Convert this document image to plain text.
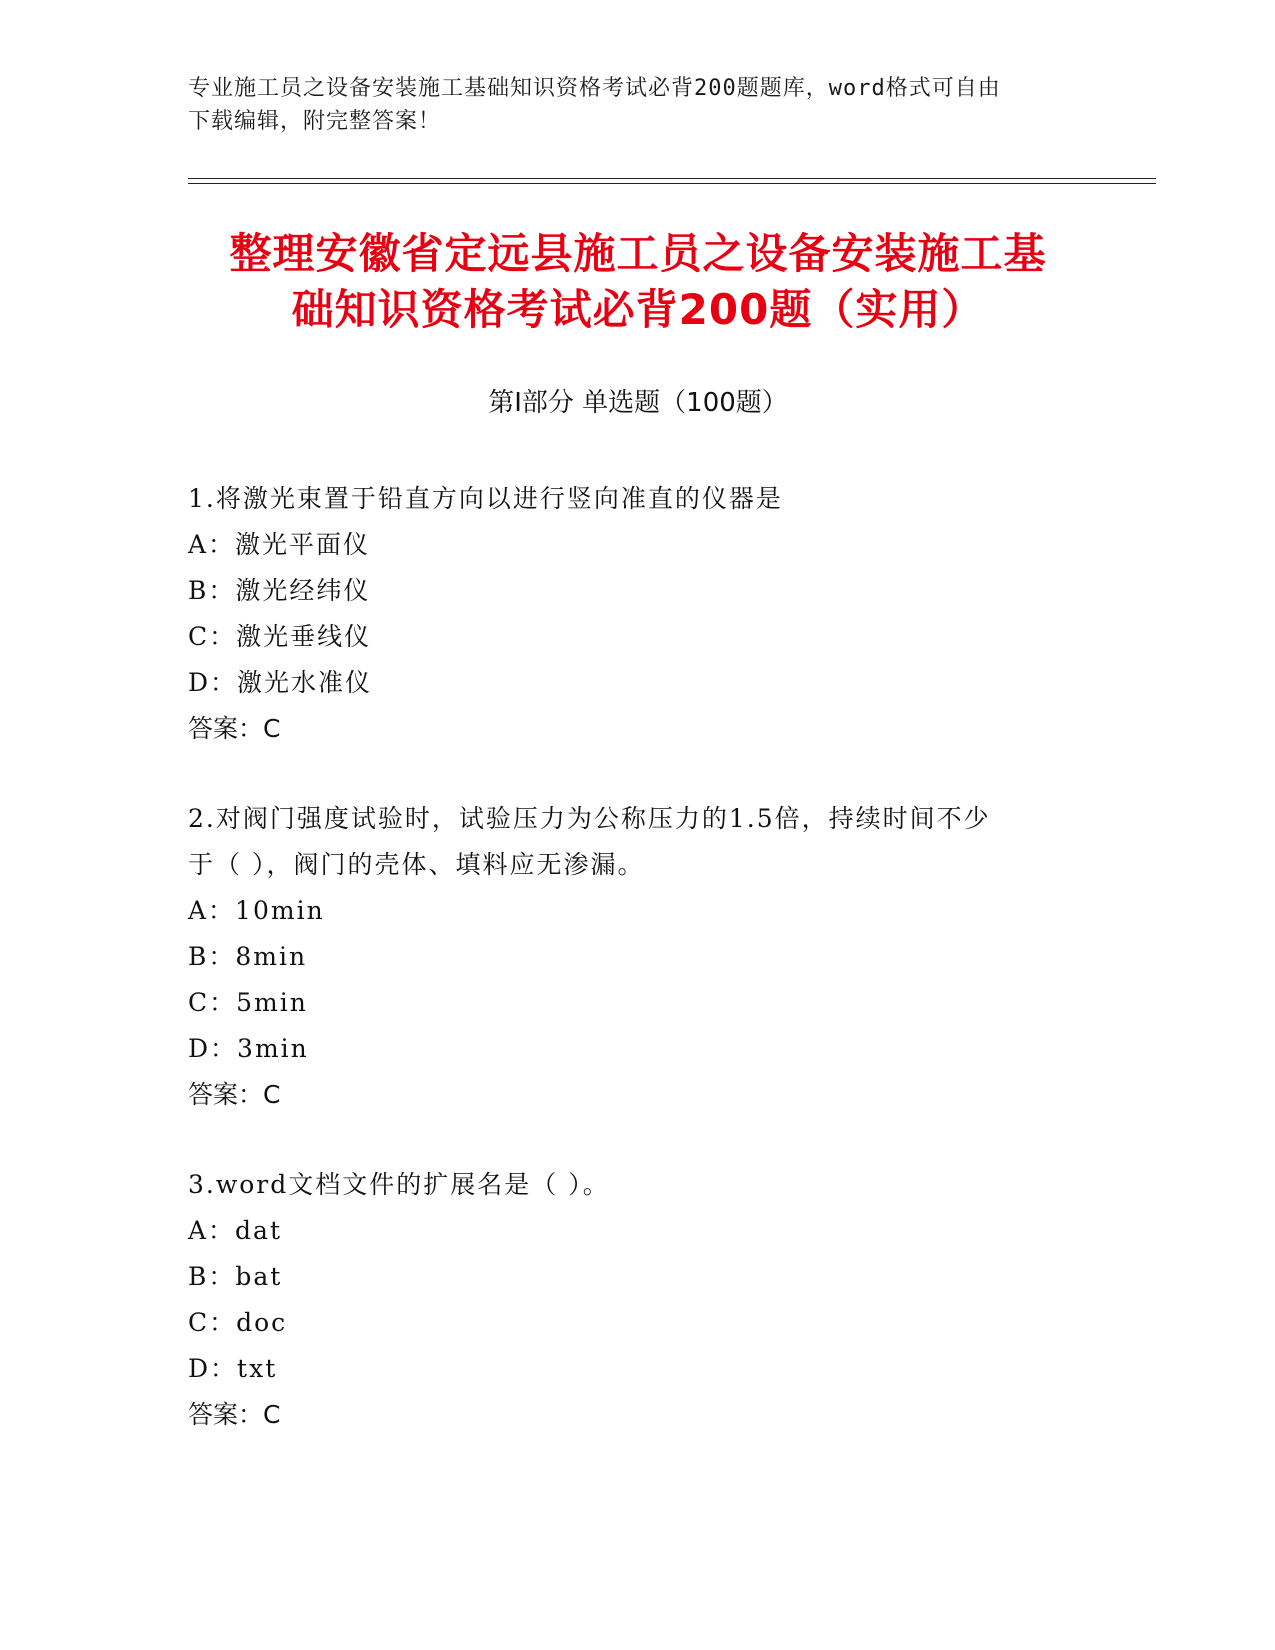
专业施工员之设备安装施工基础知识资格考试必背200题题库，word格式可自由
下载编辑，附完整答案！
整理安徽省定远县施工员之设备安装施工基
础知识资格考试必背200题（实用）
第Ⅰ部分 单选题（100题）

1.将激光束置于铅直方向以进行竖向准直的仪器是

A：激光平面仪

B：激光经纬仪

C：激光垂线仪

D：激光水准仪

答案：C

2.对阀门强度试验时，试验压力为公称压力的1.5倍，持续时间不少

于（ ），阀门的壳体、填料应无渗漏。

A：10min

B：8min

C：5min

D：3min

答案：C

3.word文档文件的扩展名是（ ）。

A：dat

B：bat

C：doc

D：txt

答案：C
